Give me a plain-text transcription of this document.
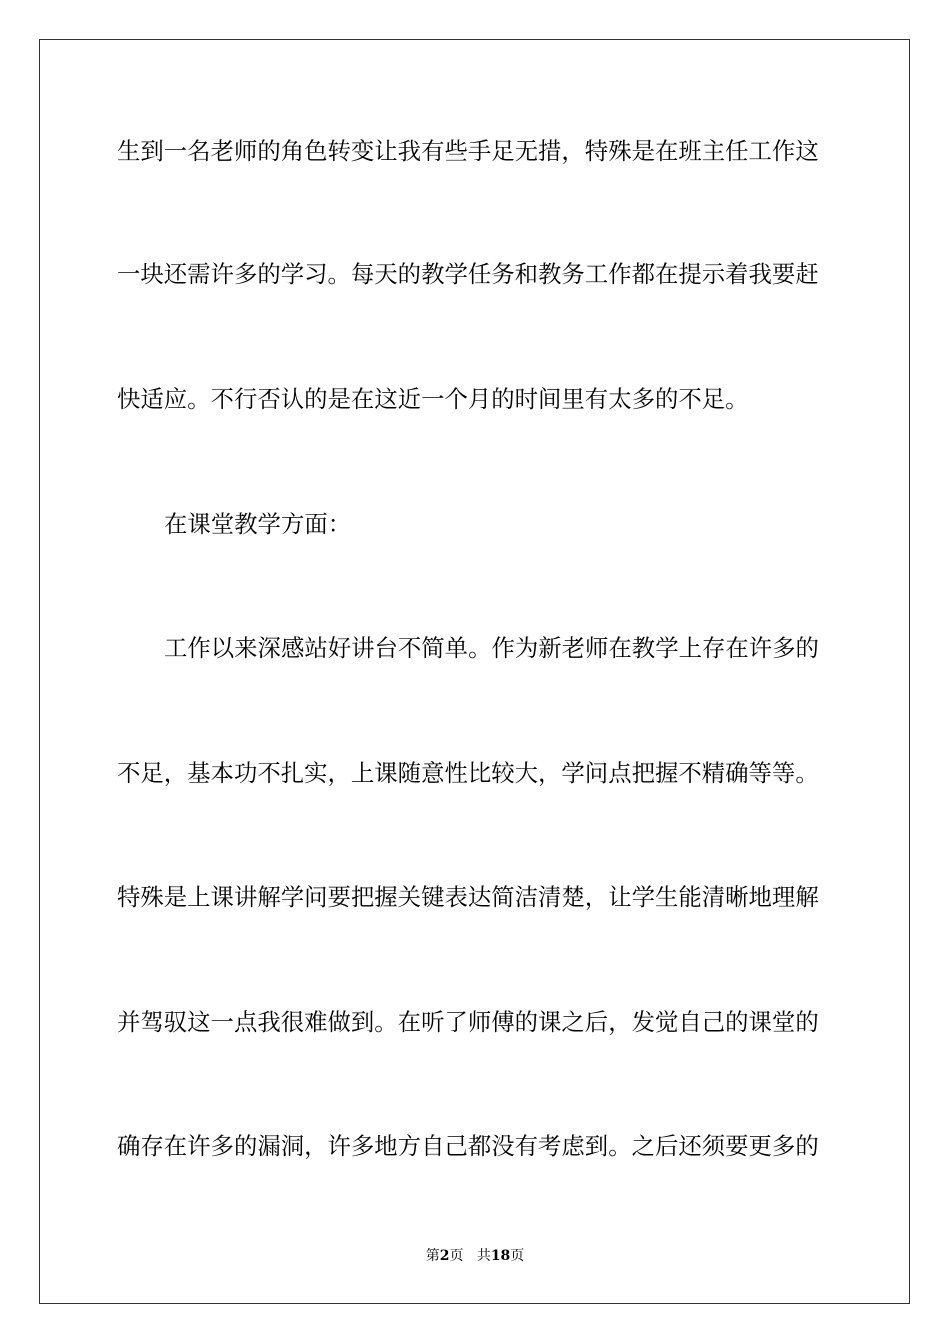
生到一名老师的角色转变让我有些手足无措，特殊是在班主任工作这
一块还需许多的学习。每天的教学任务和教务工作都在提示着我要赶
快适应。不行否认的是在这近一个月的时间里有太多的不足。
在课堂教学方面：
工作以来深感站好讲台不简单。作为新老师在教学上存在许多的
不足，基本功不扎实，上课随意性比较大，学问点把握不精确等等。
特殊是上课讲解学问要把握关键表达简洁清楚，让学生能清晰地理解
并驾驭这一点我很难做到。在听了师傅的课之后，发觉自己的课堂的
确存在许多的漏洞，许多地方自己都没有考虑到。之后还须要更多的
第2页 共18页
